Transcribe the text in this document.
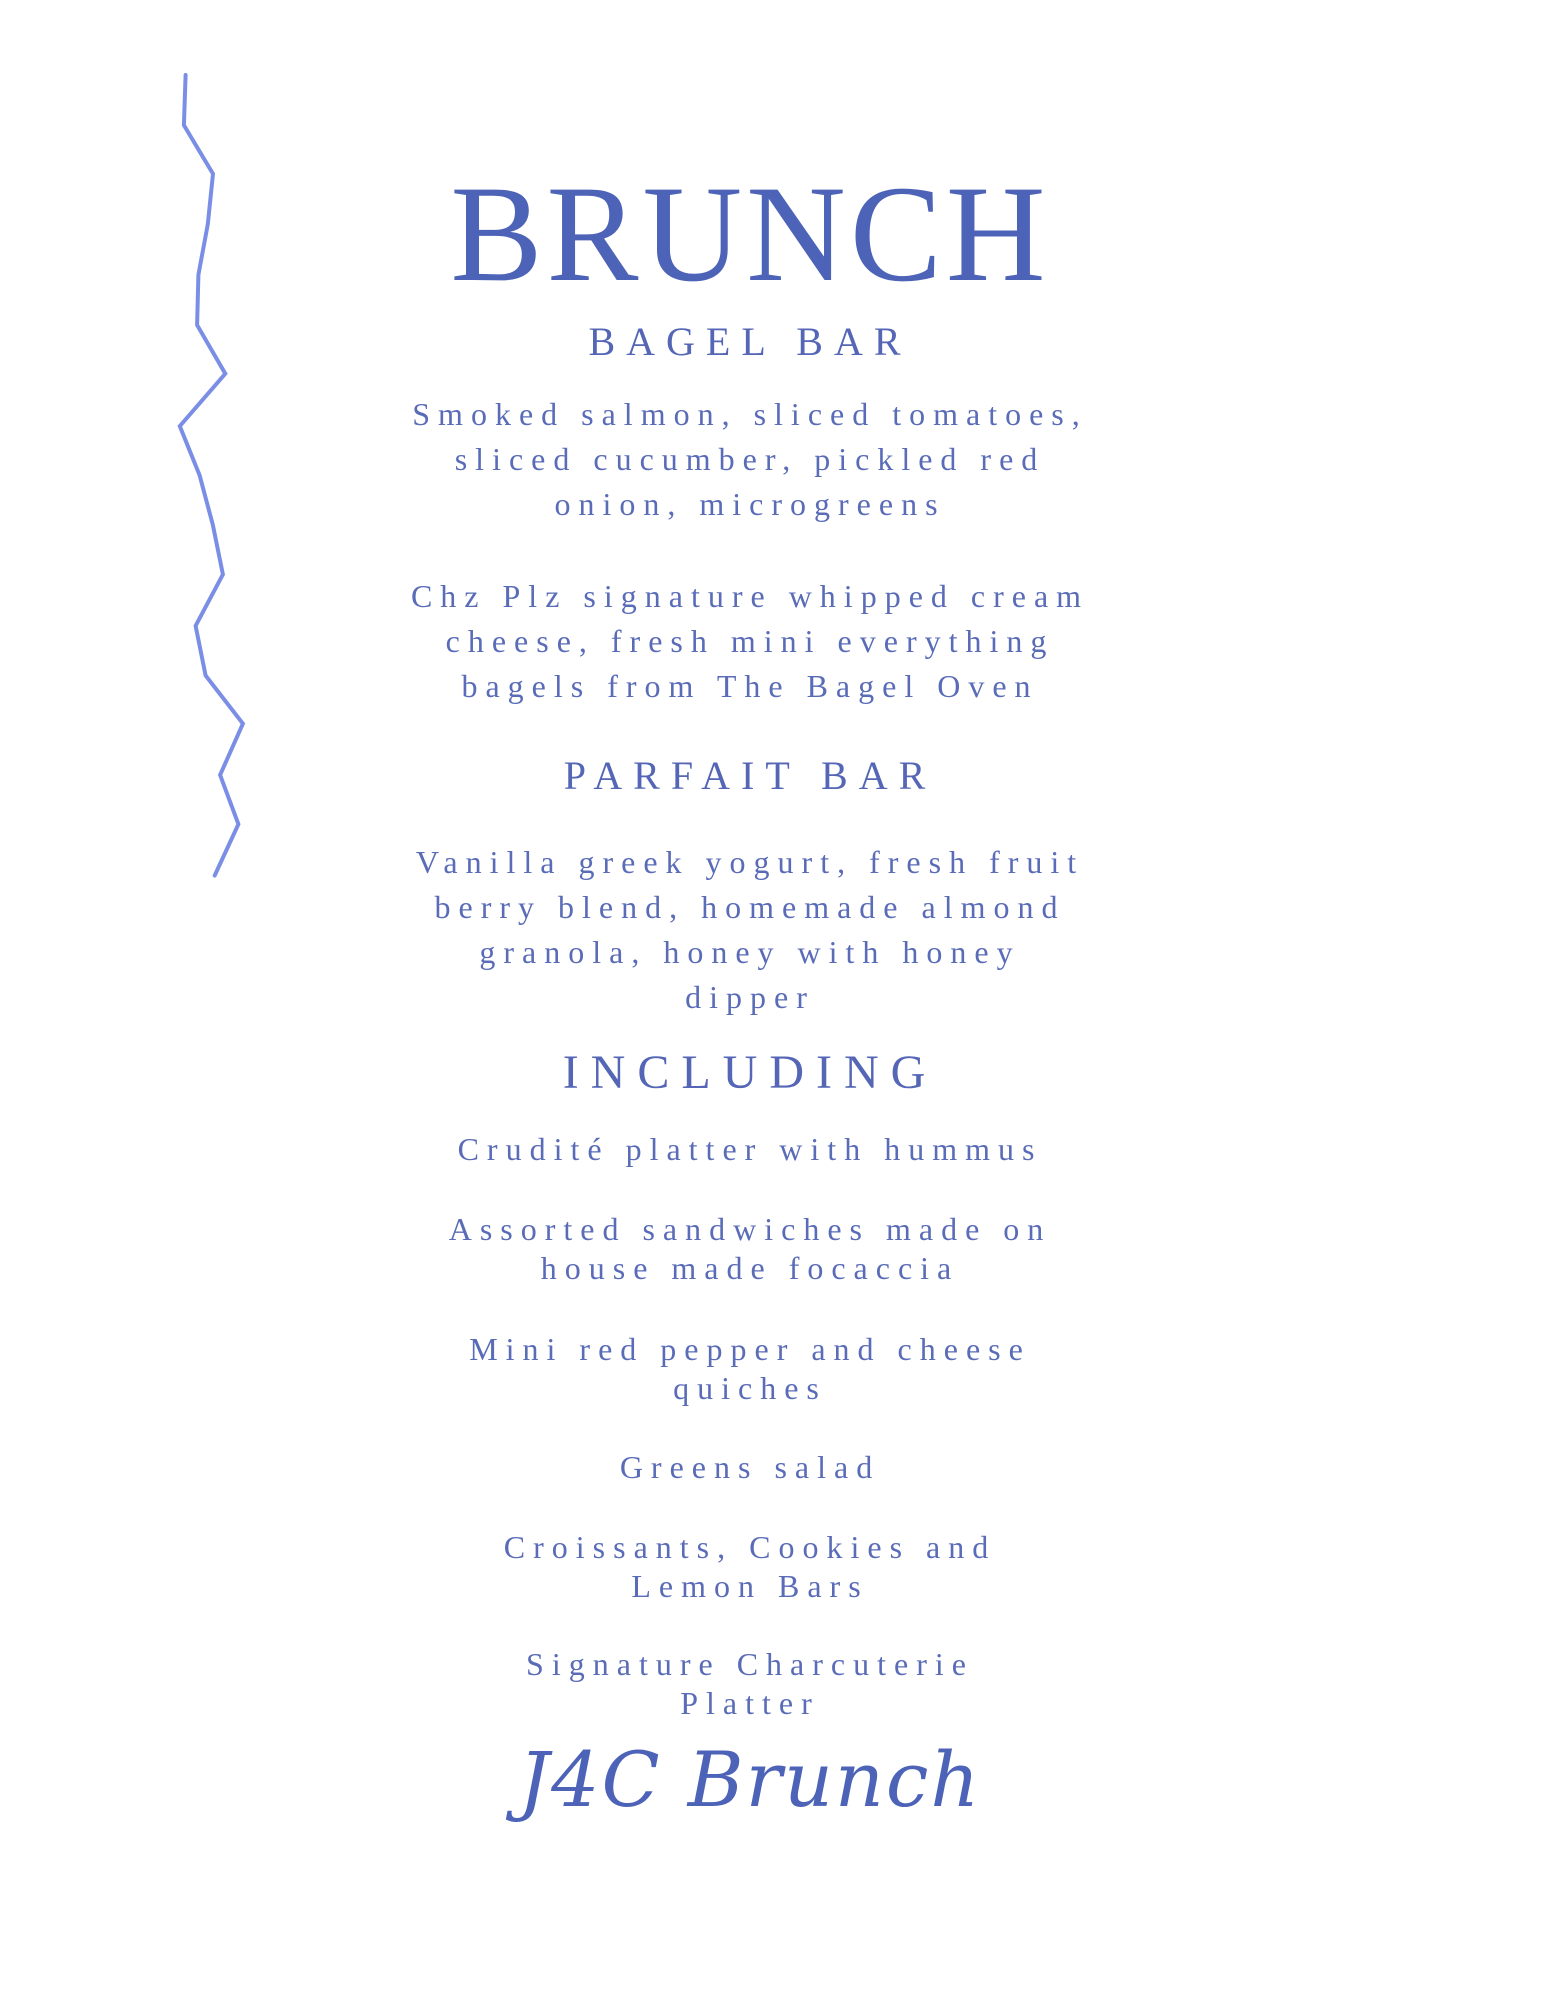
BRUNCH
BAGEL BAR
Smoked salmon, sliced tomatoes,
sliced cucumber, pickled red
onion, microgreens
Chz Plz signature whipped cream
cheese, fresh mini everything
bagels from The Bagel Oven
PARFAIT BAR
Vanilla greek yogurt, fresh fruit
berry blend, homemade almond
granola, honey with honey
dipper
INCLUDING
Crudité platter with hummus
Assorted sandwiches made on
house made focaccia
Mini red pepper and cheese
quiches
Greens salad
Croissants, Cookies and
Lemon Bars
Signature Charcuterie
Platter
J4C Brunch
